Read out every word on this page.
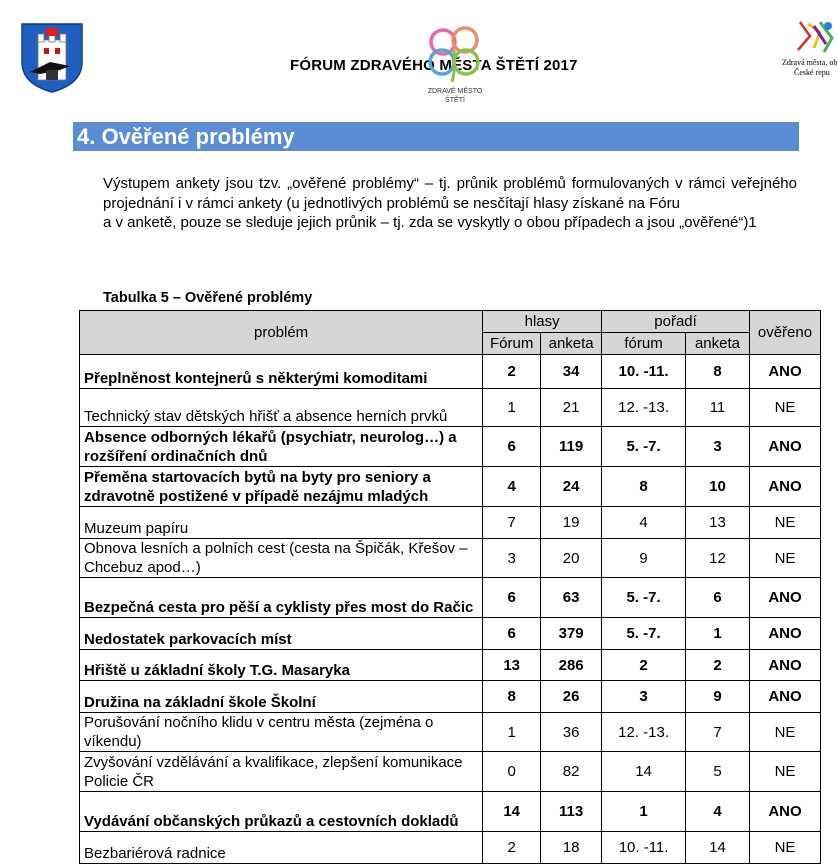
FÓRUM ZDRAVÉHO MĚSTA ŠTĚTÍ 2017
ZDRAVÉ MĚSTO
ŠTĚTÍ
Zdravá města, ob
České repu
4. Ověřené problémy

Výstupem ankety jsou tzv. „ověřené problémy“ – tj. průnik problémů formulovaných v rámci veřejného projednání i v rámci ankety (u jednotlivých problémů se nesčítají hlasy získané na Fóru

a v anketě, pouze se sleduje jejich průnik – tj. zda se vyskytly o obou případech a jsou „ověřené“)1

Tabulka 5 – Ověřené problémy
problém	hlasy		pořadí		ověřeno
	Fórum	anketa	fórum	anketa	
Přeplněnost kontejnerů s některými komoditami	2	34	10. -11.	8	ANO
Technický stav dětských hřišť a absence herních prvků	1	21	12. -13.	11	NE
Absence odborných lékařů (psychiatr, neurolog…) a rozšíření ordinačních dnů	6	119	5. -7.	3	ANO
Přeměna startovacích bytů na byty pro seniory a zdravotně postižené v případě nezájmu mladých	4	24	8	10	ANO
Muzeum papíru	7	19	4	13	NE
Obnova lesních a polních cest (cesta na Špičák, Křešov – Chcebuz apod…)	3	20	9	12	NE
Bezpečná cesta pro pěší a cyklisty přes most do Račic	6	63	5. -7.	6	ANO
Nedostatek parkovacích míst	6	379	5. -7.	1	ANO
Hřiště u základní školy T.G. Masaryka	13	286	2	2	ANO
Družina na základní škole Školní	8	26	3	9	ANO
Porušování nočního klidu v centru města (zejména o víkendu)	1	36	12. -13.	7	NE
Zvyšování vzdělávání a kvalifikace, zlepšení komunikace Policie ČR	0	82	14	5	NE
Vydávání občanských průkazů a cestovních dokladů	14	113	1	4	ANO
Bezbariérová radnice	2	18	10. -11.	14	NE
